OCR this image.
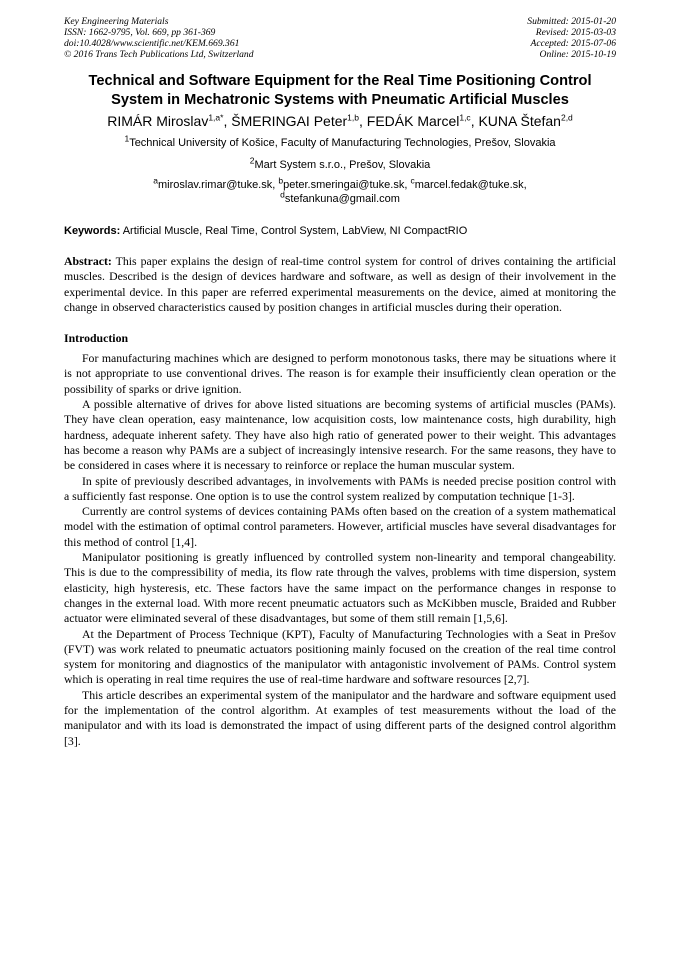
Key Engineering Materials
ISSN: 1662-9795, Vol. 669, pp 361-369
doi:10.4028/www.scientific.net/KEM.669.361
© 2016 Trans Tech Publications Ltd, Switzerland
Submitted: 2015-01-20
Revised: 2015-03-03
Accepted: 2015-07-06
Online: 2015-10-19
Technical and Software Equipment for the Real Time Positioning Control System in Mechatronic Systems with Pneumatic Artificial Muscles
RIMÁR Miroslav$^{1,a*}$, ŠMERINGAI Peter$^{1,b}$, FEDÁK Marcel$^{1,c}$, KUNA Štefan$^{2,d}$
$^1$Technical University of Košice, Faculty of Manufacturing Technologies, Prešov, Slovakia
$^2$Mart System s.r.o., Prešov, Slovakia
$^a$miroslav.rimar@tuke.sk, $^b$peter.smeringai@tuke.sk, $^c$marcel.fedak@tuke.sk,
$^d$stefankuna@gmail.com
Keywords: Artificial Muscle, Real Time, Control System, LabView, NI CompactRIO
Abstract: This paper explains the design of real-time control system for control of drives containing the artificial muscles. Described is the design of devices hardware and software, as well as design of their involvement in the experimental device. In this paper are referred experimental measurements on the device, aimed at monitoring the change in observed characteristics caused by position changes in artificial muscles during their operation.
Introduction

For manufacturing machines which are designed to perform monotonous tasks, there may be situations where it is not appropriate to use conventional drives. The reason is for example their insufficiently clean operation or the possibility of sparks or drive ignition.

A possible alternative of drives for above listed situations are becoming systems of artificial muscles (PAMs). They have clean operation, easy maintenance, low acquisition costs, low maintenance costs, high durability, high hardness, adequate inherent safety. They have also high ratio of generated power to their weight. This advantages has become a reason why PAMs are a subject of increasingly intensive research. For the same reasons, they have to be considered in cases where it is necessary to reinforce or replace the human muscular system.

In spite of previously described advantages, in involvements with PAMs is needed precise position control with a sufficiently fast response. One option is to use the control system realized by computation technique [1-3].

Currently are control systems of devices containing PAMs often based on the creation of a system mathematical model with the estimation of optimal control parameters. However, artificial muscles have several disadvantages for this method of control [1,4].

Manipulator positioning is greatly influenced by controlled system non-linearity and temporal changeability. This is due to the compressibility of media, its flow rate through the valves, problems with time dispersion, system elasticity, high hysteresis, etc. These factors have the same impact on the performance changes in response to changes in the external load. With more recent pneumatic actuators such as McKibben muscle, Braided and Rubber actuator were eliminated several of these disadvantages, but some of them still remain [1,5,6].

At the Department of Process Technique (KPT), Faculty of Manufacturing Technologies with a Seat in Prešov (FVT) was work related to pneumatic actuators positioning mainly focused on the creation of the real time control system for monitoring and diagnostics of the manipulator with antagonistic involvement of PAMs. Control system which is operating in real time requires the use of real-time hardware and software resources [2,7].

This article describes an experimental system of the manipulator and the hardware and software equipment used for the implementation of the control algorithm. At examples of test measurements without the load of the manipulator and with its load is demonstrated the impact of using different parts of the designed control algorithm [3].
